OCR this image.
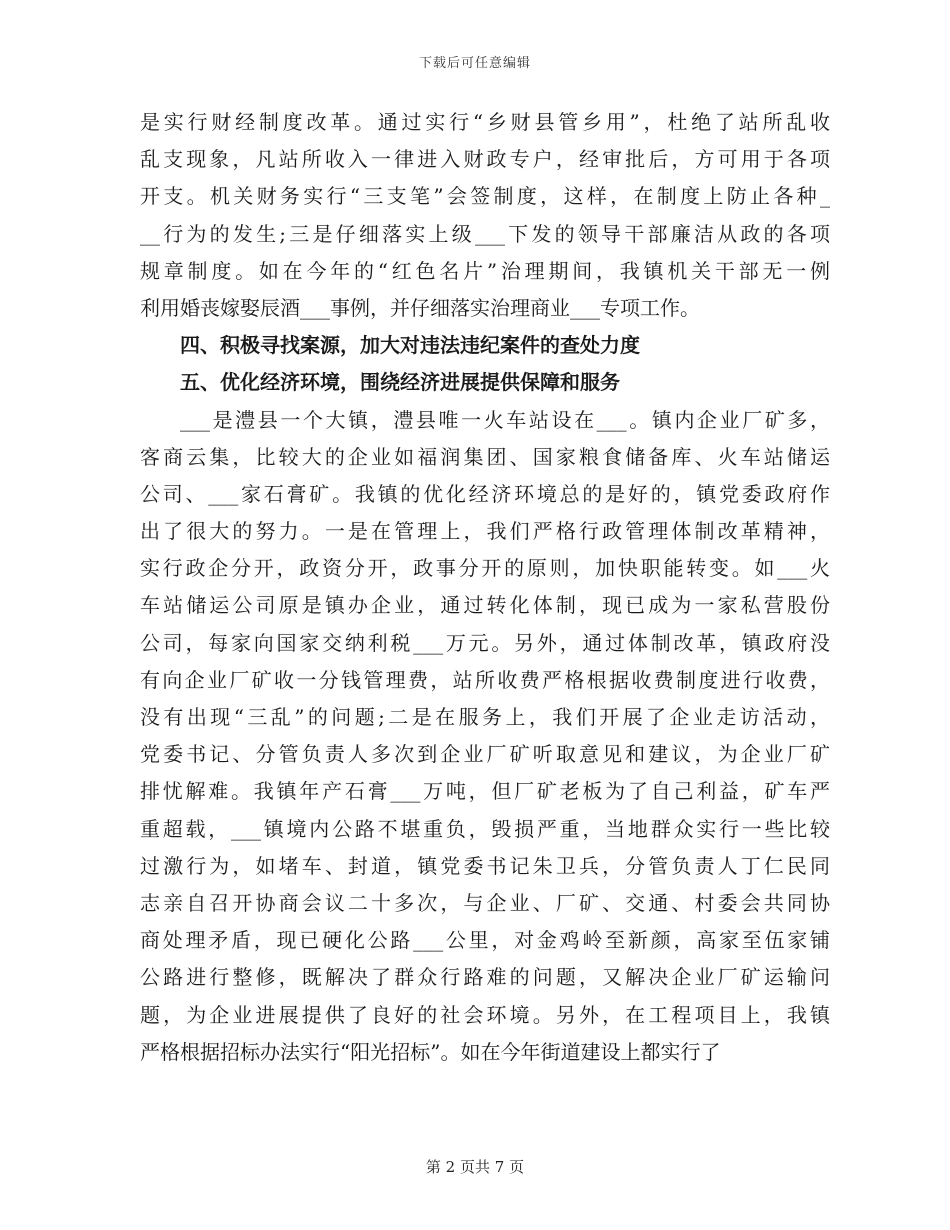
下载后可任意编辑
是实行财经制度改革。通过实行“乡财县管乡用”，杜绝了站所乱收
乱支现象，凡站所收入一律进入财政专户，经审批后，方可用于各项
开支。机关财务实行“三支笔”会签制度，这样，在制度上防止各种_
__行为的发生;三是仔细落实上级___下发的领导干部廉洁从政的各项
规章制度。如在今年的“红色名片”治理期间，我镇机关干部无一例
利用婚丧嫁娶辰酒___事例，并仔细落实治理商业___专项工作。
四、积极寻找案源，加大对违法违纪案件的查处力度
五、优化经济环境，围绕经济进展提供保障和服务
___是澧县一个大镇，澧县唯一火车站设在___。镇内企业厂矿多，
客商云集，比较大的企业如福润集团、国家粮食储备库、火车站储运
公司、___家石膏矿。我镇的优化经济环境总的是好的，镇党委政府作
出了很大的努力。一是在管理上，我们严格行政管理体制改革精神，
实行政企分开，政资分开，政事分开的原则，加快职能转变。如___火
车站储运公司原是镇办企业，通过转化体制，现已成为一家私营股份
公司，每家向国家交纳利税___万元。另外，通过体制改革，镇政府没
有向企业厂矿收一分钱管理费，站所收费严格根据收费制度进行收费，
没有出现“三乱”的问题;二是在服务上，我们开展了企业走访活动，
党委书记、分管负责人多次到企业厂矿听取意见和建议，为企业厂矿
排忧解难。我镇年产石膏___万吨，但厂矿老板为了自己利益，矿车严
重超载，___镇境内公路不堪重负，毁损严重，当地群众实行一些比较
过激行为，如堵车、封道，镇党委书记朱卫兵，分管负责人丁仁民同
志亲自召开协商会议二十多次，与企业、厂矿、交通、村委会共同协
商处理矛盾，现已硬化公路___公里，对金鸡岭至新颜，高家至伍家铺
公路进行整修，既解决了群众行路难的问题，又解决企业厂矿运输问
题，为企业进展提供了良好的社会环境。另外，在工程项目上，我镇
严格根据招标办法实行“阳光招标”。如在今年街道建设上都实行了
第 2 页共 7 页
